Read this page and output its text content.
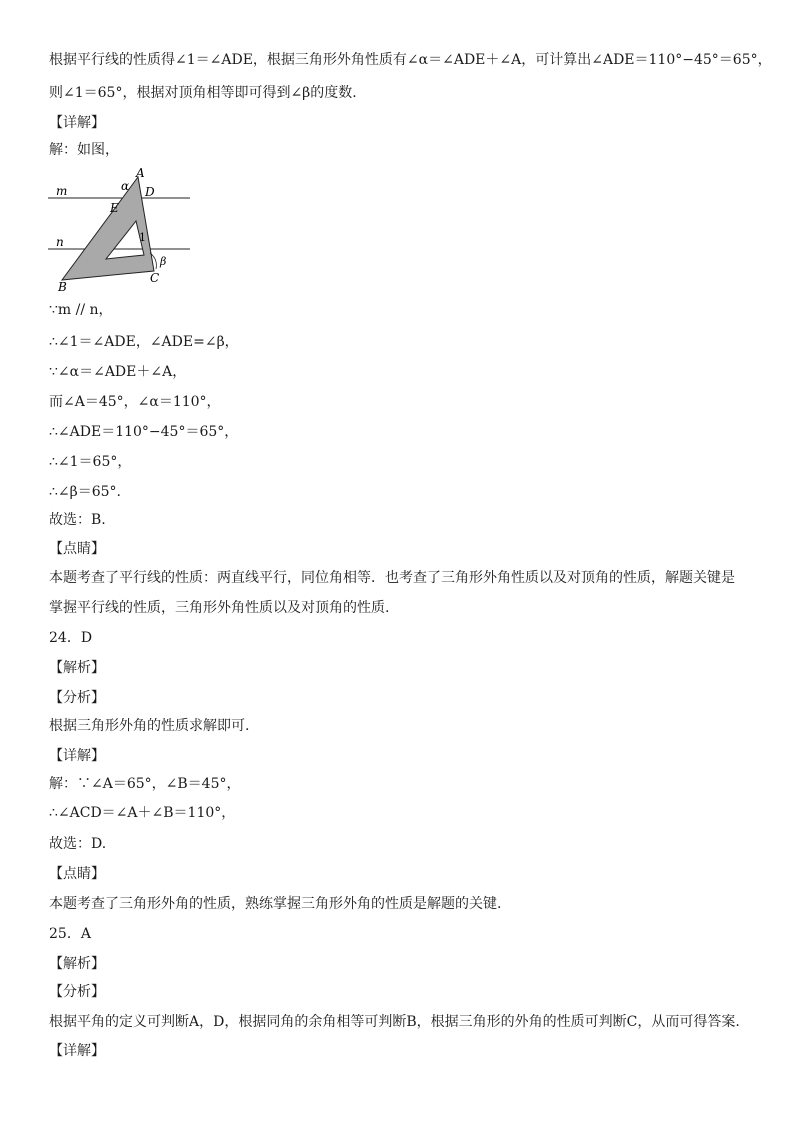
根据平行线的性质得∠1＝∠ADE，根据三角形外角性质有∠α＝∠ADE＋∠A，可计算出∠ADE＝110°−45°＝65°，
则∠1＝65°，根据对顶角相等即可得到∠β的度数.
【详解】
解：如图，
∵m // n，
∴∠1＝∠ADE，∠ADE=∠β，
∵∠α＝∠ADE＋∠A，
而∠A＝45°，∠α＝110°，
∴∠ADE＝110°−45°＝65°，
∴∠1＝65°，
∴∠β＝65°.
故选：B.
【点睛】
本题考查了平行线的性质：两直线平行，同位角相等．也考查了三角形外角性质以及对顶角的性质，解题关键是
掌握平行线的性质，三角形外角性质以及对顶角的性质.
24．D
【解析】
【分析】
根据三角形外角的性质求解即可.
【详解】
解：∵∠A＝65°，∠B＝45°，
∴∠ACD＝∠A＋∠B＝110°，
故选：D.
【点睛】
本题考查了三角形外角的性质，熟练掌握三角形外角的性质是解题的关键.
25．A
【解析】
【分析】
根据平角的定义可判断A，D，根据同角的余角相等可判断B，根据三角形的外角的性质可判断C，从而可得答案.
【详解】
m
n
A
D
α
E
1
β
C
B
